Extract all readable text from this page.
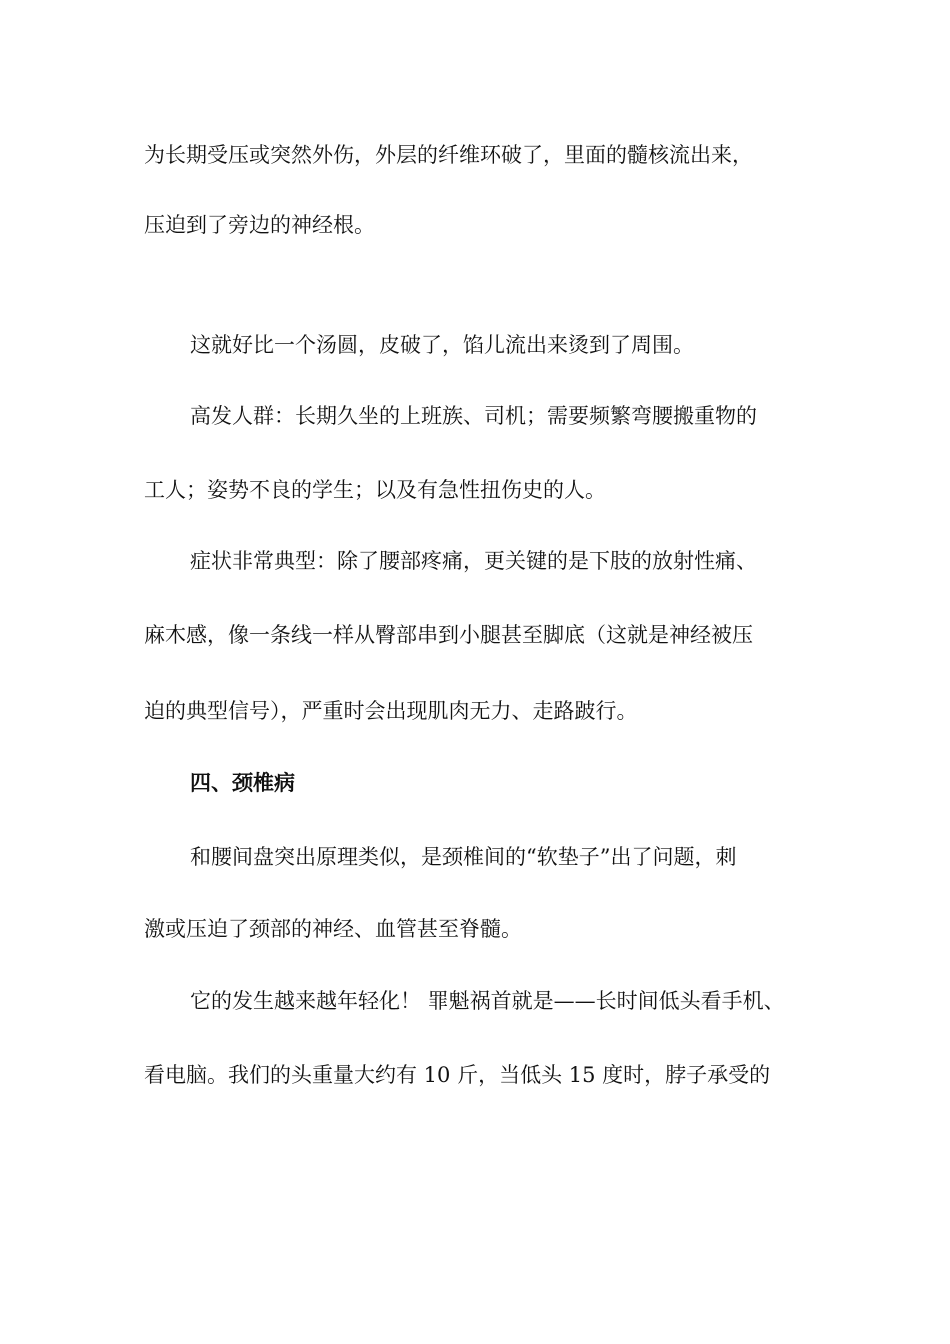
为长期受压或突然外伤，外层的纤维环破了，里面的髓核流出来，
压迫到了旁边的神经根。
这就好比一个汤圆，皮破了，馅儿流出来烫到了周围。
高发人群：长期久坐的上班族、司机；需要频繁弯腰搬重物的
工人；姿势不良的学生；以及有急性扭伤史的人。
症状非常典型：除了腰部疼痛，更关键的是下肢的放射性痛、
麻木感，像一条线一样从臀部串到小腿甚至脚底（这就是神经被压
迫的典型信号），严重时会出现肌肉无力、走路跛行。
四、颈椎病
和腰间盘突出原理类似，是颈椎间的“软垫子”出了问题，刺
激或压迫了颈部的神经、血管甚至脊髓。
它的发生越来越年轻化！ 罪魁祸首就是——长时间低头看手机、
看电脑。我们的头重量大约有 10 斤，当低头 15 度时，脖子承受的
